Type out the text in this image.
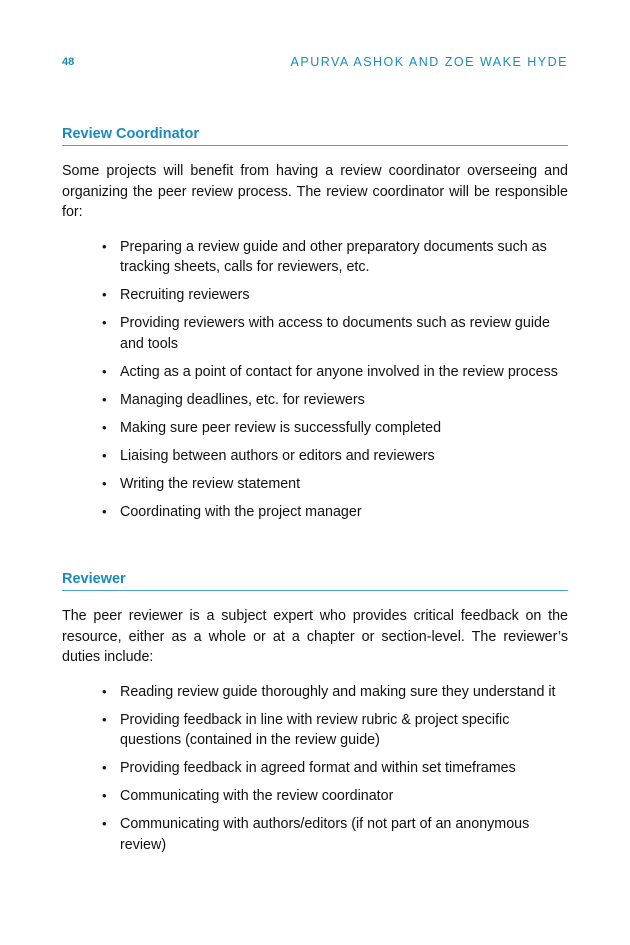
48	APURVA ASHOK AND ZOE WAKE HYDE
Review Coordinator

Some projects will benefit from having a review coordinator overseeing and organizing the peer review process. The review coordinator will be responsible for:

• Preparing a review guide and other preparatory documents such as tracking sheets, calls for reviewers, etc.
• Recruiting reviewers
• Providing reviewers with access to documents such as review guide and tools
• Acting as a point of contact for anyone involved in the review process
• Managing deadlines, etc. for reviewers
• Making sure peer review is successfully completed
• Liaising between authors or editors and reviewers
• Writing the review statement
• Coordinating with the project manager
Reviewer

The peer reviewer is a subject expert who provides critical feedback on the resource, either as a whole or at a chapter or section-level. The reviewer’s duties include:

• Reading review guide thoroughly and making sure they understand it
• Providing feedback in line with review rubric & project specific questions (contained in the review guide)
• Providing feedback in agreed format and within set timeframes
• Communicating with the review coordinator
• Communicating with authors/editors (if not part of an anonymous review)
